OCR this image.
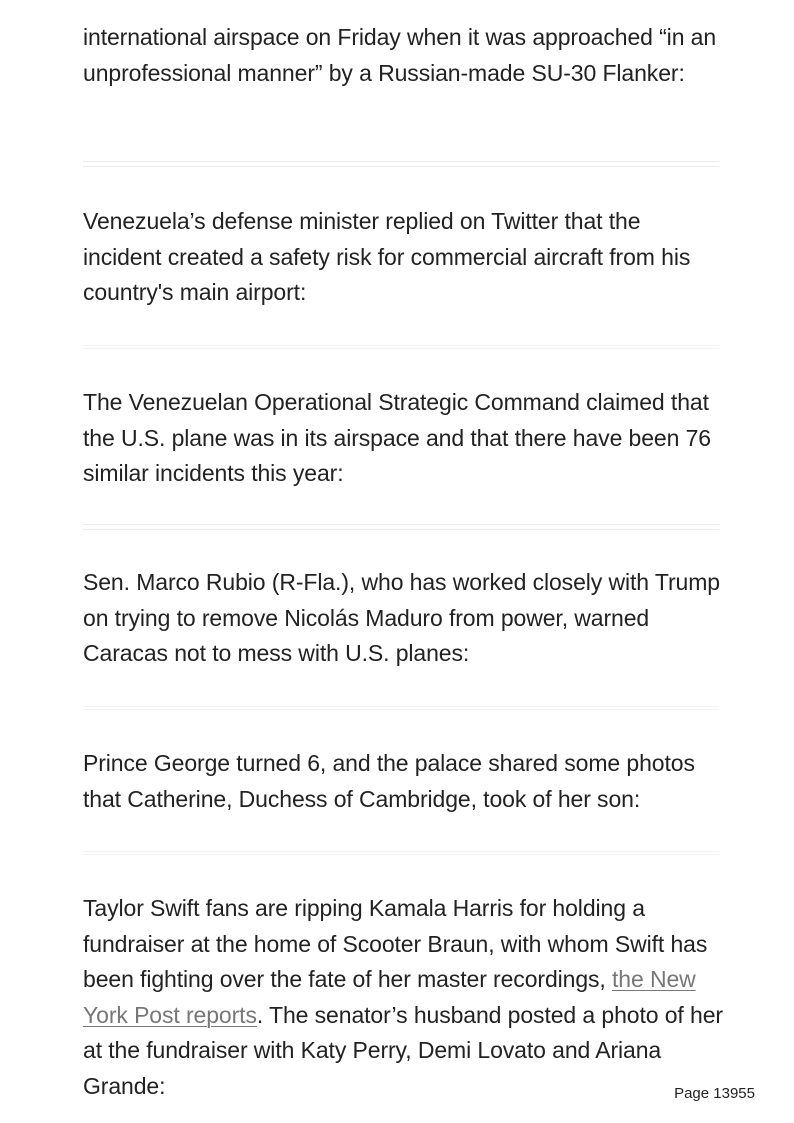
international airspace on Friday when it was approached “in an unprofessional manner” by a Russian-made SU-30 Flanker:

Venezuela’s defense minister replied on Twitter that the incident created a safety risk for commercial aircraft from his country's main airport:

The Venezuelan Operational Strategic Command claimed that the U.S. plane was in its airspace and that there have been 76 similar incidents this year:

Sen. Marco Rubio (R-Fla.), who has worked closely with Trump on trying to remove Nicolás Maduro from power, warned Caracas not to mess with U.S. planes:

Prince George turned 6, and the palace shared some photos that Catherine, Duchess of Cambridge, took of her son:

Taylor Swift fans are ripping Kamala Harris for holding a fundraiser at the home of Scooter Braun, with whom Swift has been fighting over the fate of her master recordings, the New York Post reports. The senator’s husband posted a photo of her at the fundraiser with Katy Perry, Demi Lovato and Ariana Grande:	Page 13955
